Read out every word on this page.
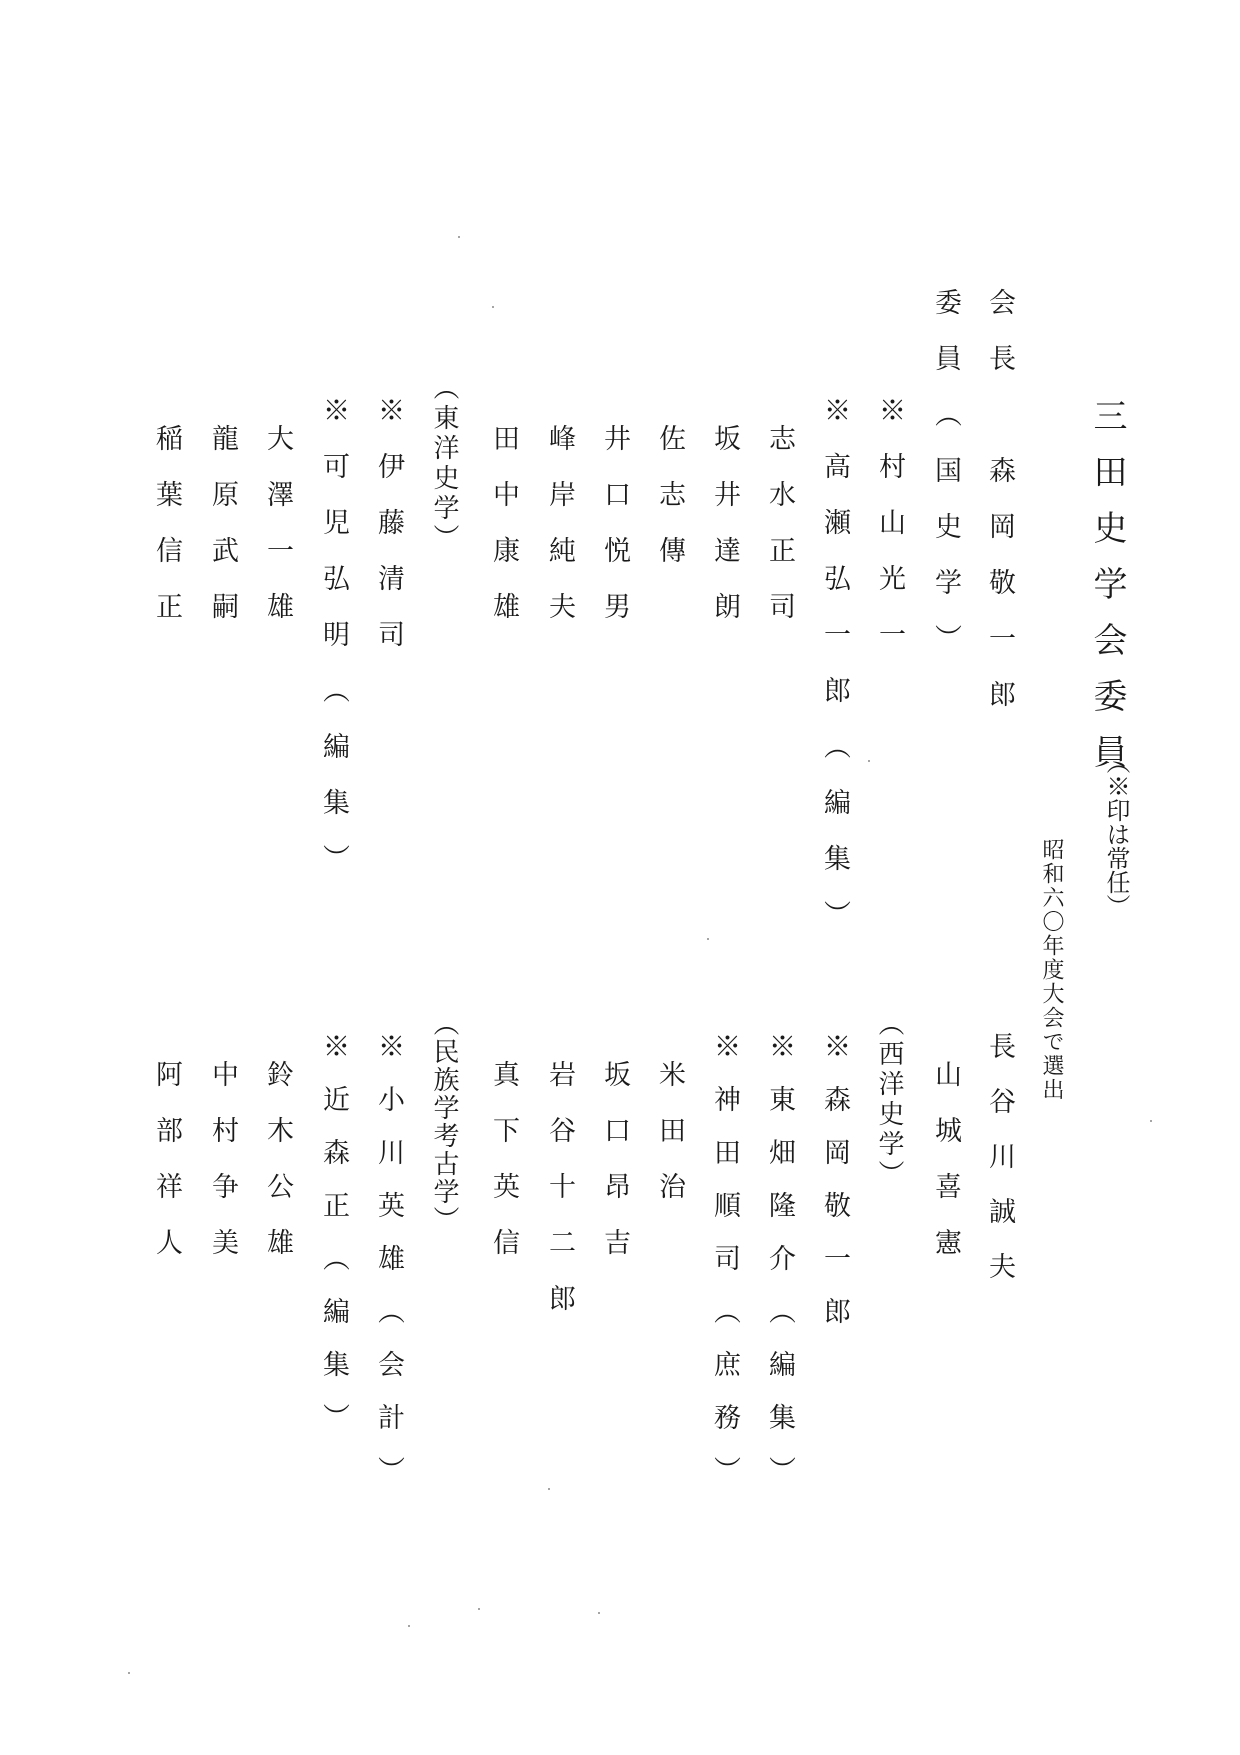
三田史学会委員
（※印は常任）
昭和六〇年度大会で選出
会長　森岡敬一郎
委員（国史学）
※村山光一
※高瀬弘一郎（編集）
志水正司
坂井達朗
佐志傳
井口悦男
峰岸純夫
田中康雄
（東洋史学）
※伊藤清司
※可児弘明（編集）
大澤一雄
龍原武嗣
稲葉信正
長谷川誠夫
山城喜憲
（西洋史学）
※森岡敬一郎
※東畑隆介（編集）
※神田順司（庶務）
米田治
坂口昂吉
岩谷十二郎
真下英信
（民族学考古学）
※小川英雄（会計）
※近森正（編集）
鈴木公雄
中村争美
阿部祥人
